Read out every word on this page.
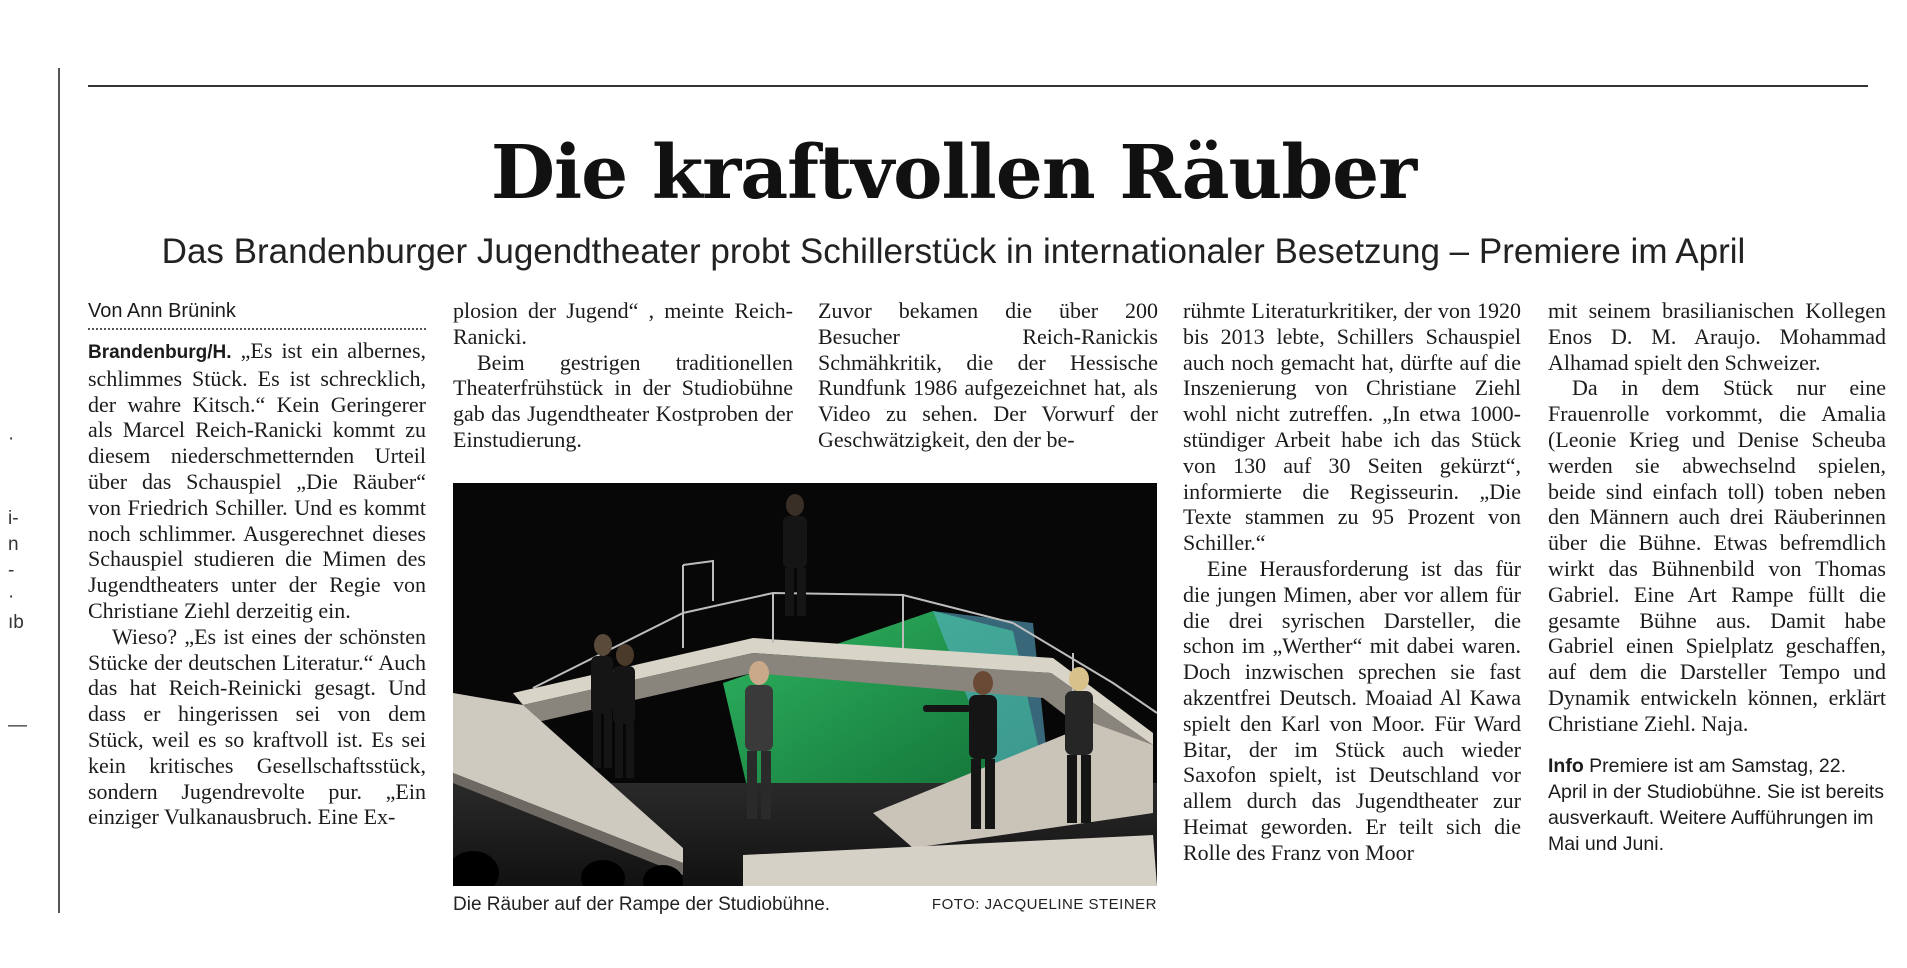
·
i-
n
-
·
ıb
—
Die kraftvollen Räuber
Das Brandenburger Jugendtheater probt Schillerstück in internationaler Besetzung – Premiere im April
Von Ann Brünink

Brandenburg/H. „Es ist ein albernes, schlimmes Stück. Es ist schrecklich, der wahre Kitsch.“ Kein Geringerer als Marcel Reich-Ranicki kommt zu diesem niederschmetternden Urteil über das Schauspiel „Die Räuber“ von Friedrich Schiller. Und es kommt noch schlimmer. Ausgerechnet dieses Schauspiel studieren die Mimen des Jugendtheaters unter der Regie von Christiane Ziehl derzeitig ein.

Wieso? „Es ist eines der schönsten Stücke der deutschen Literatur.“ Auch das hat Reich-Reinicki gesagt. Und dass er hingerissen sei von dem Stück, weil es so kraftvoll ist. Es sei kein kritisches Gesellschaftsstück, sondern Jugendrevolte pur. „Ein einziger Vulkanausbruch. Eine Ex-

plosion der Jugend“ , meinte Reich-Ranicki.

Beim gestrigen traditionellen Theaterfrühstück in der Studiobühne gab das Jugendtheater Kostproben der Einstudierung.

Zuvor bekamen die über 200 Besucher Reich-Ranickis Schmähkritik, die der Hessische Rundfunk 1986 aufgezeichnet hat, als Video zu sehen. Der Vorwurf der Geschwätzigkeit, den der be-

rühmte Literaturkritiker, der von 1920 bis 2013 lebte, Schillers Schauspiel auch noch gemacht hat, dürfte auf die Inszenierung von Christiane Ziehl wohl nicht zutreffen. „In etwa 1000-stündiger Arbeit habe ich das Stück von 130 auf 30 Seiten gekürzt“, informierte die Regisseurin. „Die Texte stammen zu 95 Prozent von Schiller.“

Eine Herausforderung ist das für die jungen Mimen, aber vor allem für die drei syrischen Darsteller, die schon im „Werther“ mit dabei waren. Doch inzwischen sprechen sie fast akzentfrei Deutsch. Moaiad Al Kawa spielt den Karl von Moor. Für Ward Bitar, der im Stück auch wieder Saxofon spielt, ist Deutschland vor allem durch das Jugendtheater zur Heimat geworden. Er teilt sich die Rolle des Franz von Moor

mit seinem brasilianischen Kollegen Enos D. M. Araujo. Mohammad Alhamad spielt den Schweizer.

Da in dem Stück nur eine Frauenrolle vorkommt, die Amalia (Leonie Krieg und Denise Scheuba werden sie abwechselnd spielen, beide sind einfach toll) toben neben den Männern auch drei Räuberinnen über die Bühne. Etwas befremdlich wirkt das Bühnenbild von Thomas Gabriel. Eine Art Rampe füllt die gesamte Bühne aus. Damit habe Gabriel einen Spielplatz geschaffen, auf dem die Darsteller Tempo und Dynamik entwickeln können, erklärt Christiane Ziehl. Naja.

Info Premiere ist am Samstag, 22. April in der Studiobühne. Sie ist bereits ausverkauft. Weitere Aufführungen im Mai und Juni.
Die Räuber auf der Rampe der Studiobühne.	FOTO: JACQUELINE STEINER
